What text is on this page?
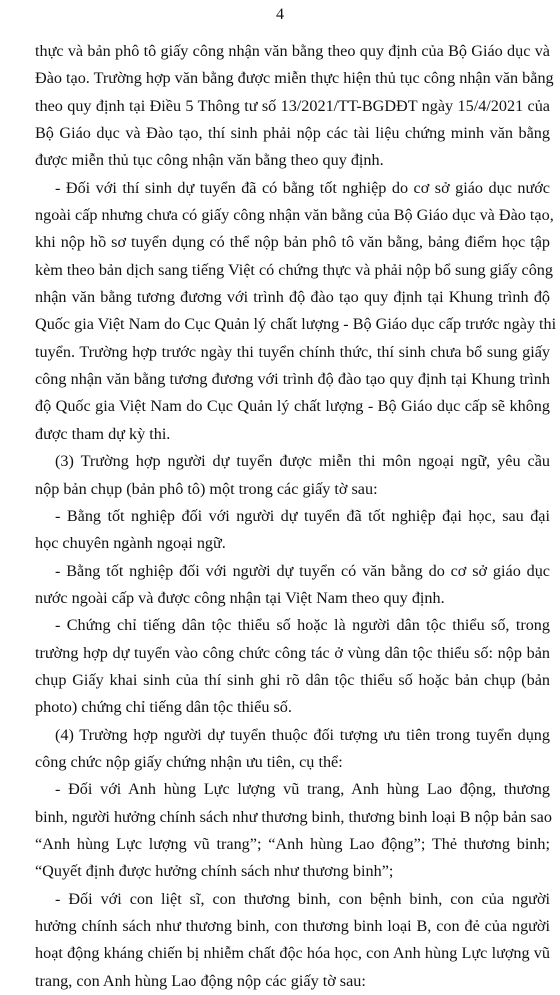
4
thực và bản phô tô giấy công nhận văn bằng theo quy định của Bộ Giáo dục và
Đào tạo. Trường hợp văn bằng được miễn thực hiện thủ tục công nhận văn bằng
theo quy định tại Điều 5 Thông tư số 13/2021/TT-BGDĐT ngày 15/4/2021 của
Bộ Giáo dục và Đào tạo, thí sinh phải nộp các tài liệu chứng minh văn bằng
được miễn thủ tục công nhận văn bằng theo quy định.
- Đối với thí sinh dự tuyển đã có bằng tốt nghiệp do cơ sở giáo dục nước
ngoài cấp nhưng chưa có giấy công nhận văn bằng của Bộ Giáo dục và Đào tạo,
khi nộp hồ sơ tuyển dụng có thể nộp bản phô tô văn bằng, bảng điểm học tập
kèm theo bản dịch sang tiếng Việt có chứng thực và phải nộp bổ sung giấy công
nhận văn bằng tương đương với trình độ đào tạo quy định tại Khung trình độ
Quốc gia Việt Nam do Cục Quản lý chất lượng - Bộ Giáo dục cấp trước ngày thi
tuyển. Trường hợp trước ngày thi tuyển chính thức, thí sinh chưa bổ sung giấy
công nhận văn bằng tương đương với trình độ đào tạo quy định tại Khung trình
độ Quốc gia Việt Nam do Cục Quản lý chất lượng - Bộ Giáo dục cấp sẽ không
được tham dự kỳ thi.
(3) Trường hợp người dự tuyển được miễn thi môn ngoại ngữ, yêu cầu
nộp bản chụp (bản phô tô) một trong các giấy tờ sau:
- Bằng tốt nghiệp đối với người dự tuyển đã tốt nghiệp đại học, sau đại
học chuyên ngành ngoại ngữ.
- Bằng tốt nghiệp đối với người dự tuyển có văn bằng do cơ sở giáo dục
nước ngoài cấp và được công nhận tại Việt Nam theo quy định.
- Chứng chỉ tiếng dân tộc thiểu số hoặc là người dân tộc thiểu số, trong
trường hợp dự tuyển vào công chức công tác ở vùng dân tộc thiểu số: nộp bản
chụp Giấy khai sinh của thí sinh ghi rõ dân tộc thiểu số hoặc bản chụp (bản
photo) chứng chỉ tiếng dân tộc thiểu số.
(4) Trường hợp người dự tuyển thuộc đối tượng ưu tiên trong tuyển dụng
công chức nộp giấy chứng nhận ưu tiên, cụ thể:
- Đối với Anh hùng Lực lượng vũ trang, Anh hùng Lao động, thương
binh, người hưởng chính sách như thương binh, thương binh loại B nộp bản sao
“Anh hùng Lực lượng vũ trang”; “Anh hùng Lao động”; Thẻ thương binh;
“Quyết định được hưởng chính sách như thương binh”;
- Đối với con liệt sĩ, con thương binh, con bệnh binh, con của người
hưởng chính sách như thương binh, con thương binh loại B, con đẻ của người
hoạt động kháng chiến bị nhiễm chất độc hóa học, con Anh hùng Lực lượng vũ
trang, con Anh hùng Lao động nộp các giấy tờ sau:
